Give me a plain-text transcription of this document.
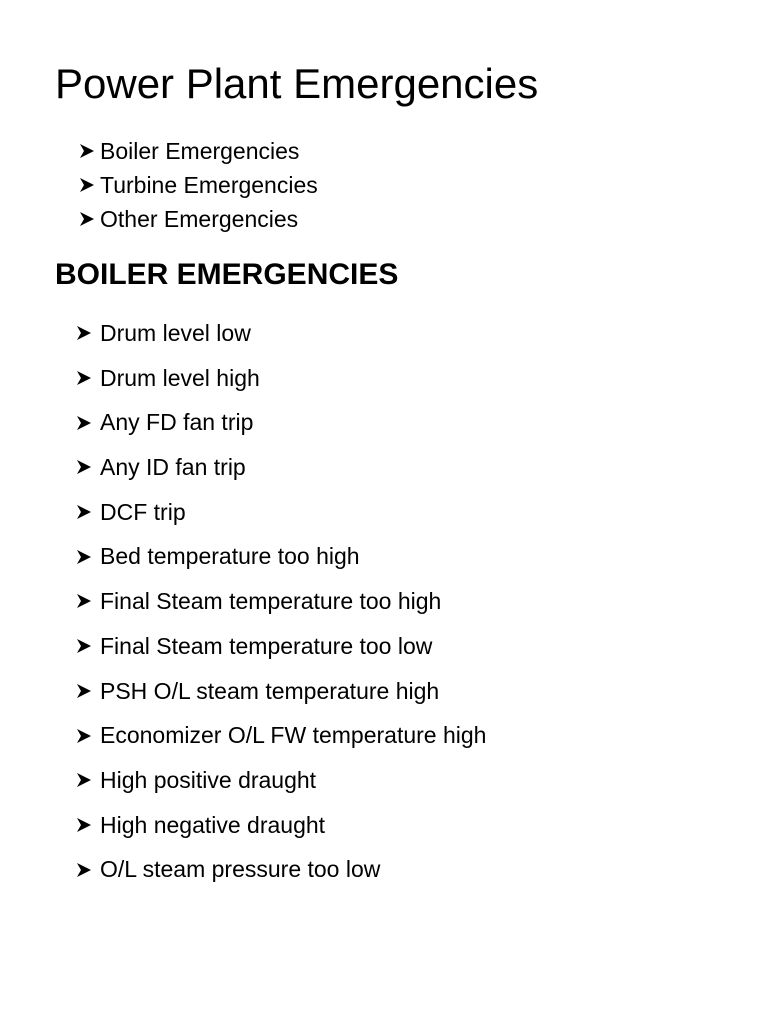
Power Plant Emergencies
Boiler Emergencies
Turbine Emergencies
Other Emergencies
BOILER EMERGENCIES
Drum level low
Drum level high
Any FD fan trip
Any ID fan trip
DCF trip
Bed temperature too high
Final Steam temperature too high
Final Steam temperature too low
PSH O/L steam temperature high
Economizer O/L FW temperature high
High positive draught
High negative draught
O/L steam pressure too low
